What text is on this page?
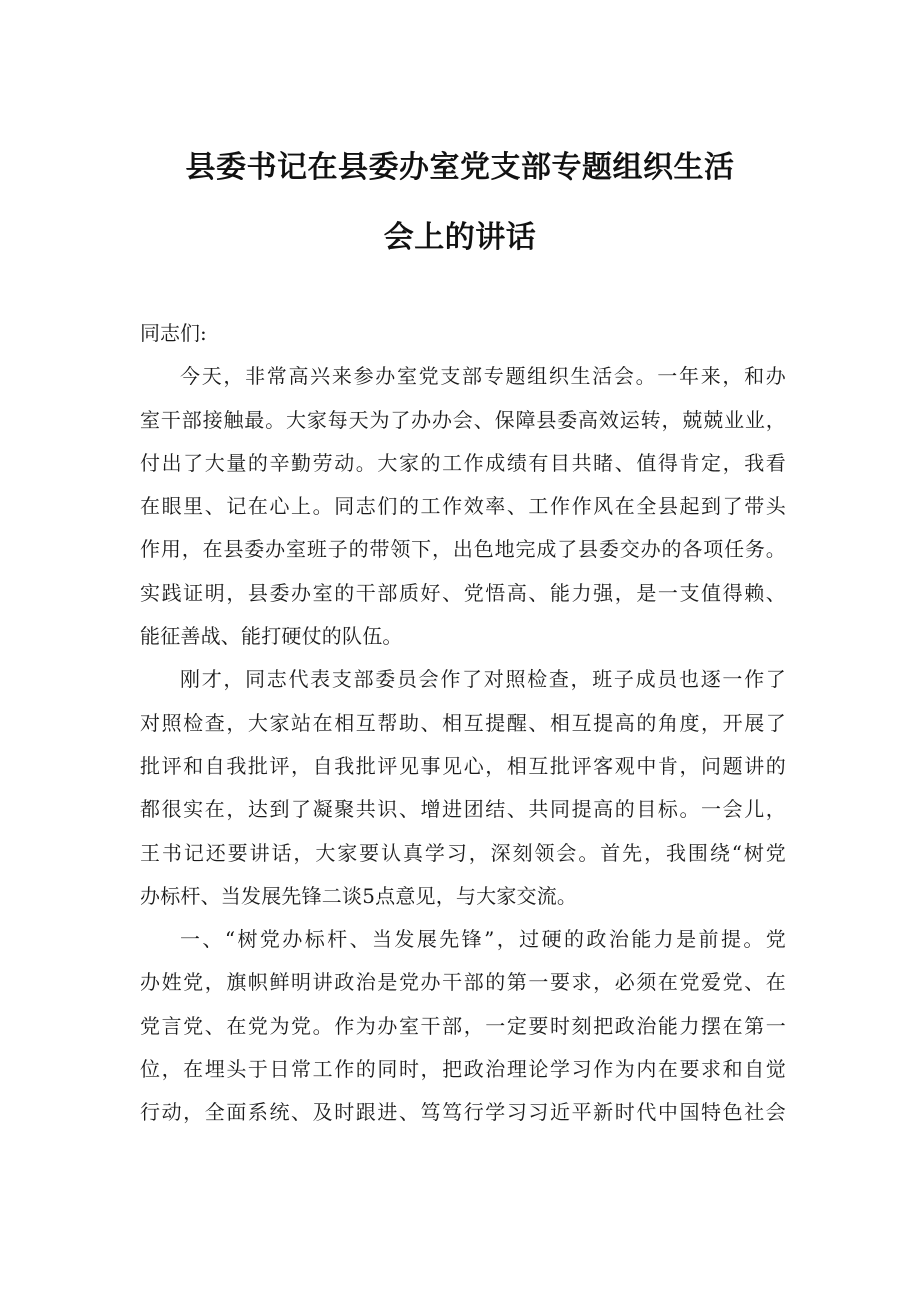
县委书记在县委办室党支部专题组织生活
会上的讲话
同志们:
今天，非常高兴来参办室党支部专题组织生活会。一年来，和办
室干部接触最。大家每天为了办办会、保障县委高效运转，兢兢业业，
付出了大量的辛勤劳动。大家的工作成绩有目共睹、值得肯定，我看
在眼里、记在心上。同志们的工作效率、工作作风在全县起到了带头
作用，在县委办室班子的带领下，出色地完成了县委交办的各项任务。
实践证明，县委办室的干部质好、党悟高、能力强，是一支值得赖、
能征善战、能打硬仗的队伍。
刚才，同志代表支部委员会作了对照检查，班子成员也逐一作了
对照检查，大家站在相互帮助、相互提醒、相互提高的角度，开展了
批评和自我批评，自我批评见事见心，相互批评客观中肯，问题讲的
都很实在，达到了凝聚共识、增进团结、共同提高的目标。一会儿，
王书记还要讲话，大家要认真学习，深刻领会。首先，我围绕“树党
办标杆、当发展先锋二谈5点意见，与大家交流。
一、“树党办标杆、当发展先锋”，过硬的政治能力是前提。党
办姓党，旗帜鲜明讲政治是党办干部的第一要求，必须在党爱党、在
党言党、在党为党。作为办室干部，一定要时刻把政治能力摆在第一
位，在埋头于日常工作的同时，把政治理论学习作为内在要求和自觉
行动，全面系统、及时跟进、笃笃行学习习近平新时代中国特色社会
